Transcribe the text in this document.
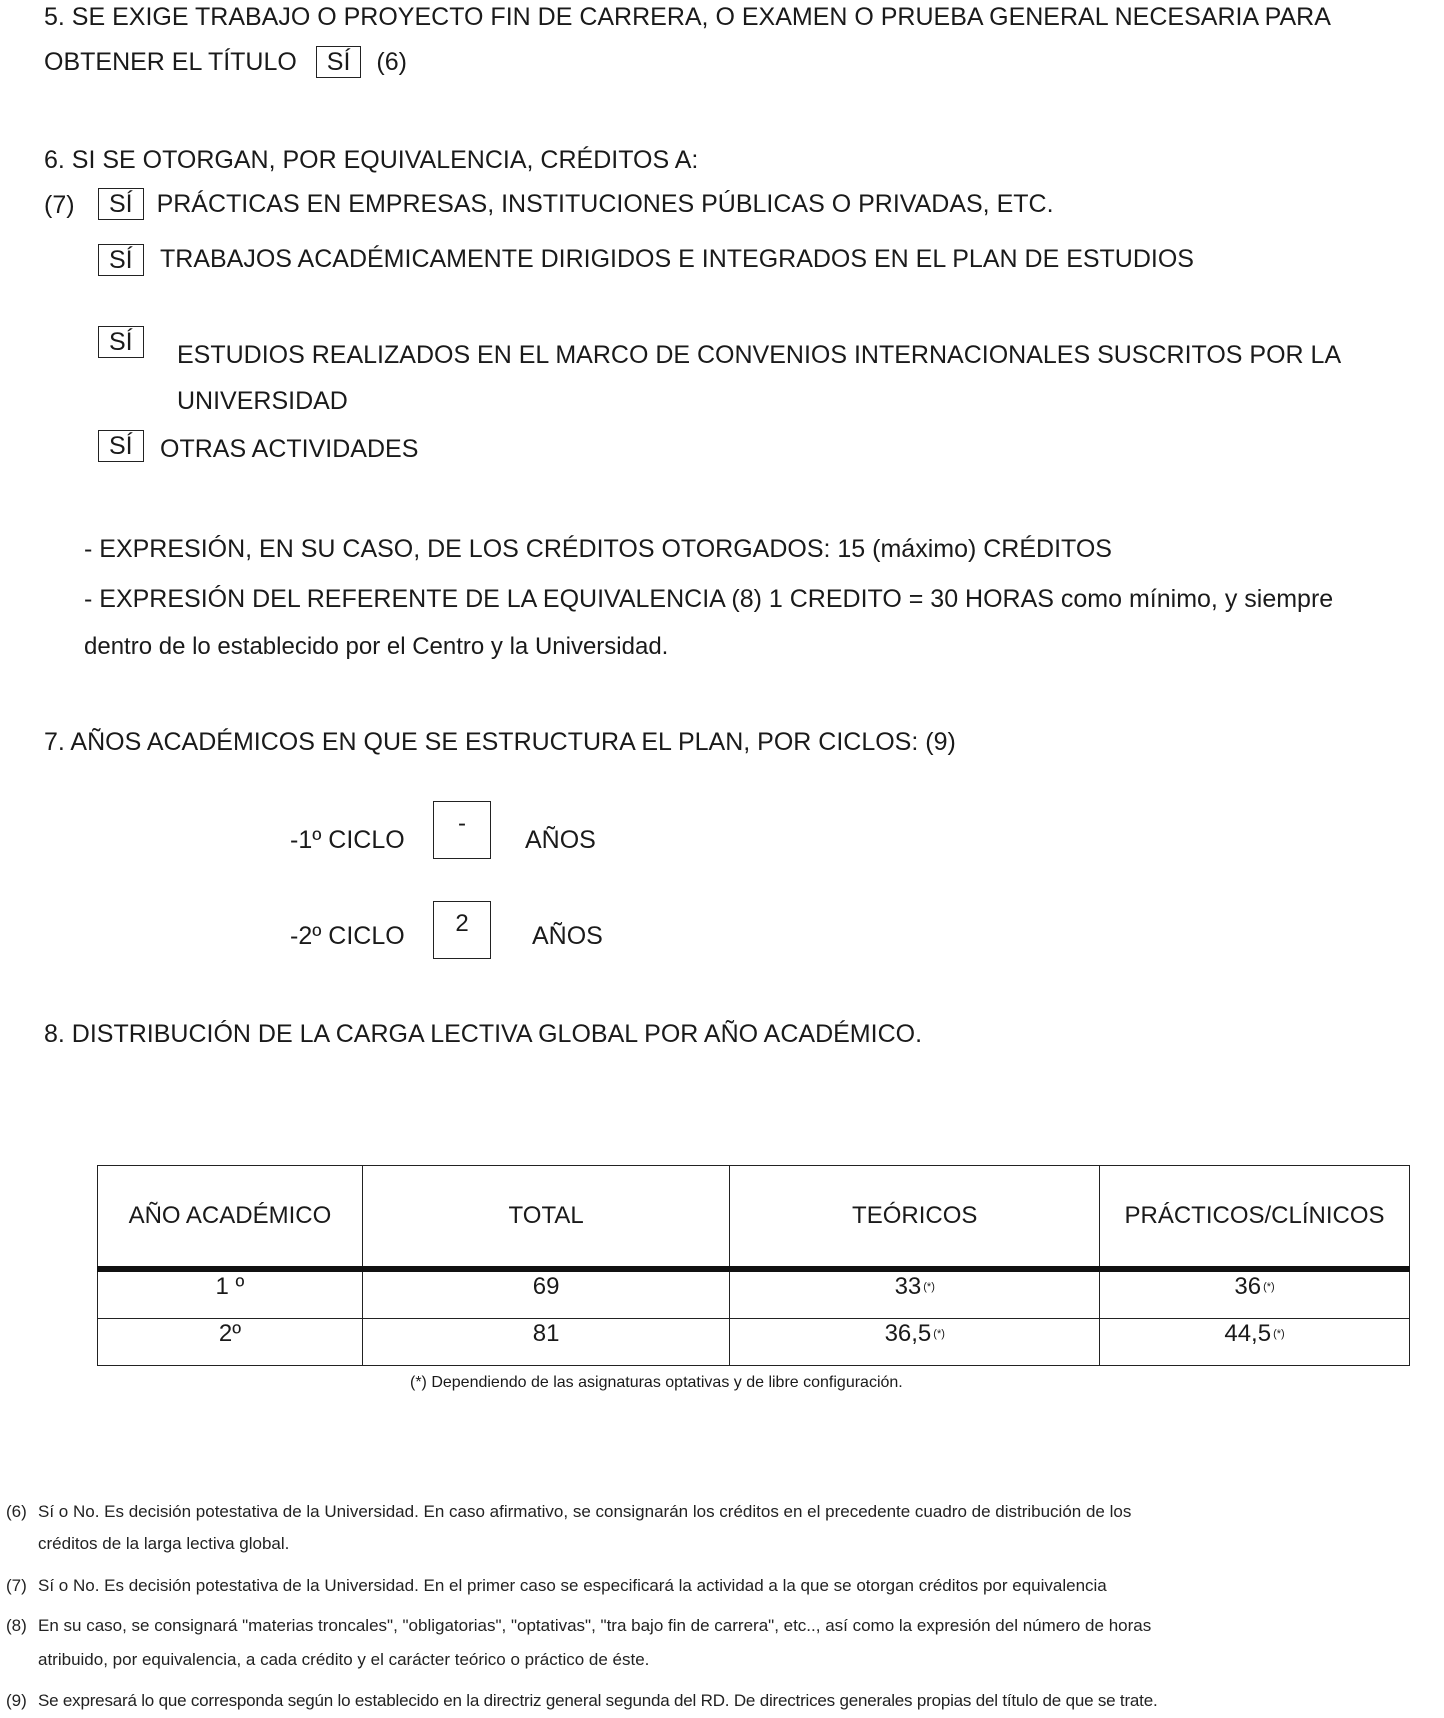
5. SE EXIGE TRABAJO O PROYECTO FIN DE CARRERA, O EXAMEN O PRUEBA GENERAL NECESARIA PARA
OBTENER EL TÍTULO SÍ (6)
6. SI SE OTORGAN, POR EQUIVALENCIA, CRÉDITOS A:
(7)	SÍ PRÁCTICAS EN EMPRESAS, INSTITUCIONES PÚBLICAS O PRIVADAS, ETC.
SÍ	TRABAJOS ACADÉMICAMENTE DIRIGIDOS E INTEGRADOS EN EL PLAN DE ESTUDIOS
SÍ	ESTUDIOS REALIZADOS EN EL MARCO DE CONVENIOS INTERNACIONALES SUSCRITOS POR LA
UNIVERSIDAD
SÍ	OTRAS ACTIVIDADES
- EXPRESIÓN, EN SU CASO, DE LOS CRÉDITOS OTORGADOS: 15 (máximo) CRÉDITOS
- EXPRESIÓN DEL REFERENTE DE LA EQUIVALENCIA (8) 1 CREDITO = 30 HORAS como mínimo, y siempre
dentro de lo establecido por el Centro y la Universidad.
7. AÑOS ACADÉMICOS EN QUE SE ESTRUCTURA EL PLAN, POR CICLOS: (9)
-1º CICLO
-
AÑOS
-2º CICLO	2	AÑOS
8. DISTRIBUCIÓN DE LA CARGA LECTIVA GLOBAL POR AÑO ACADÉMICO.
AÑO ACADÉMICO	TOTAL	TEÓRICOS	PRÁCTICOS/CLÍNICOS
1 º	69	33 (*)	36 (*)
2º	81	36,5 (*)	44,5 (*)
(*) Dependiendo de las asignaturas optativas y de libre configuración.
(6) Sí o No. Es decisión potestativa de la Universidad. En caso afirmativo, se consignarán los créditos en el precedente cuadro de distribución de los
créditos de la larga lectiva global.
(7) Sí o No. Es decisión potestativa de la Universidad. En el primer caso se especificará la actividad a la que se otorgan créditos por equivalencia
(8) En su caso, se consignará "materias troncales", "obligatorias", "optativas", "tra bajo fin de carrera", etc.., así como la expresión del número de horas
atribuido, por equivalencia, a cada crédito y el carácter teórico o práctico de éste.
(9) Se expresará lo que corresponda según lo establecido en la directriz general segunda del RD. De directrices generales propias del título de que se trate.
